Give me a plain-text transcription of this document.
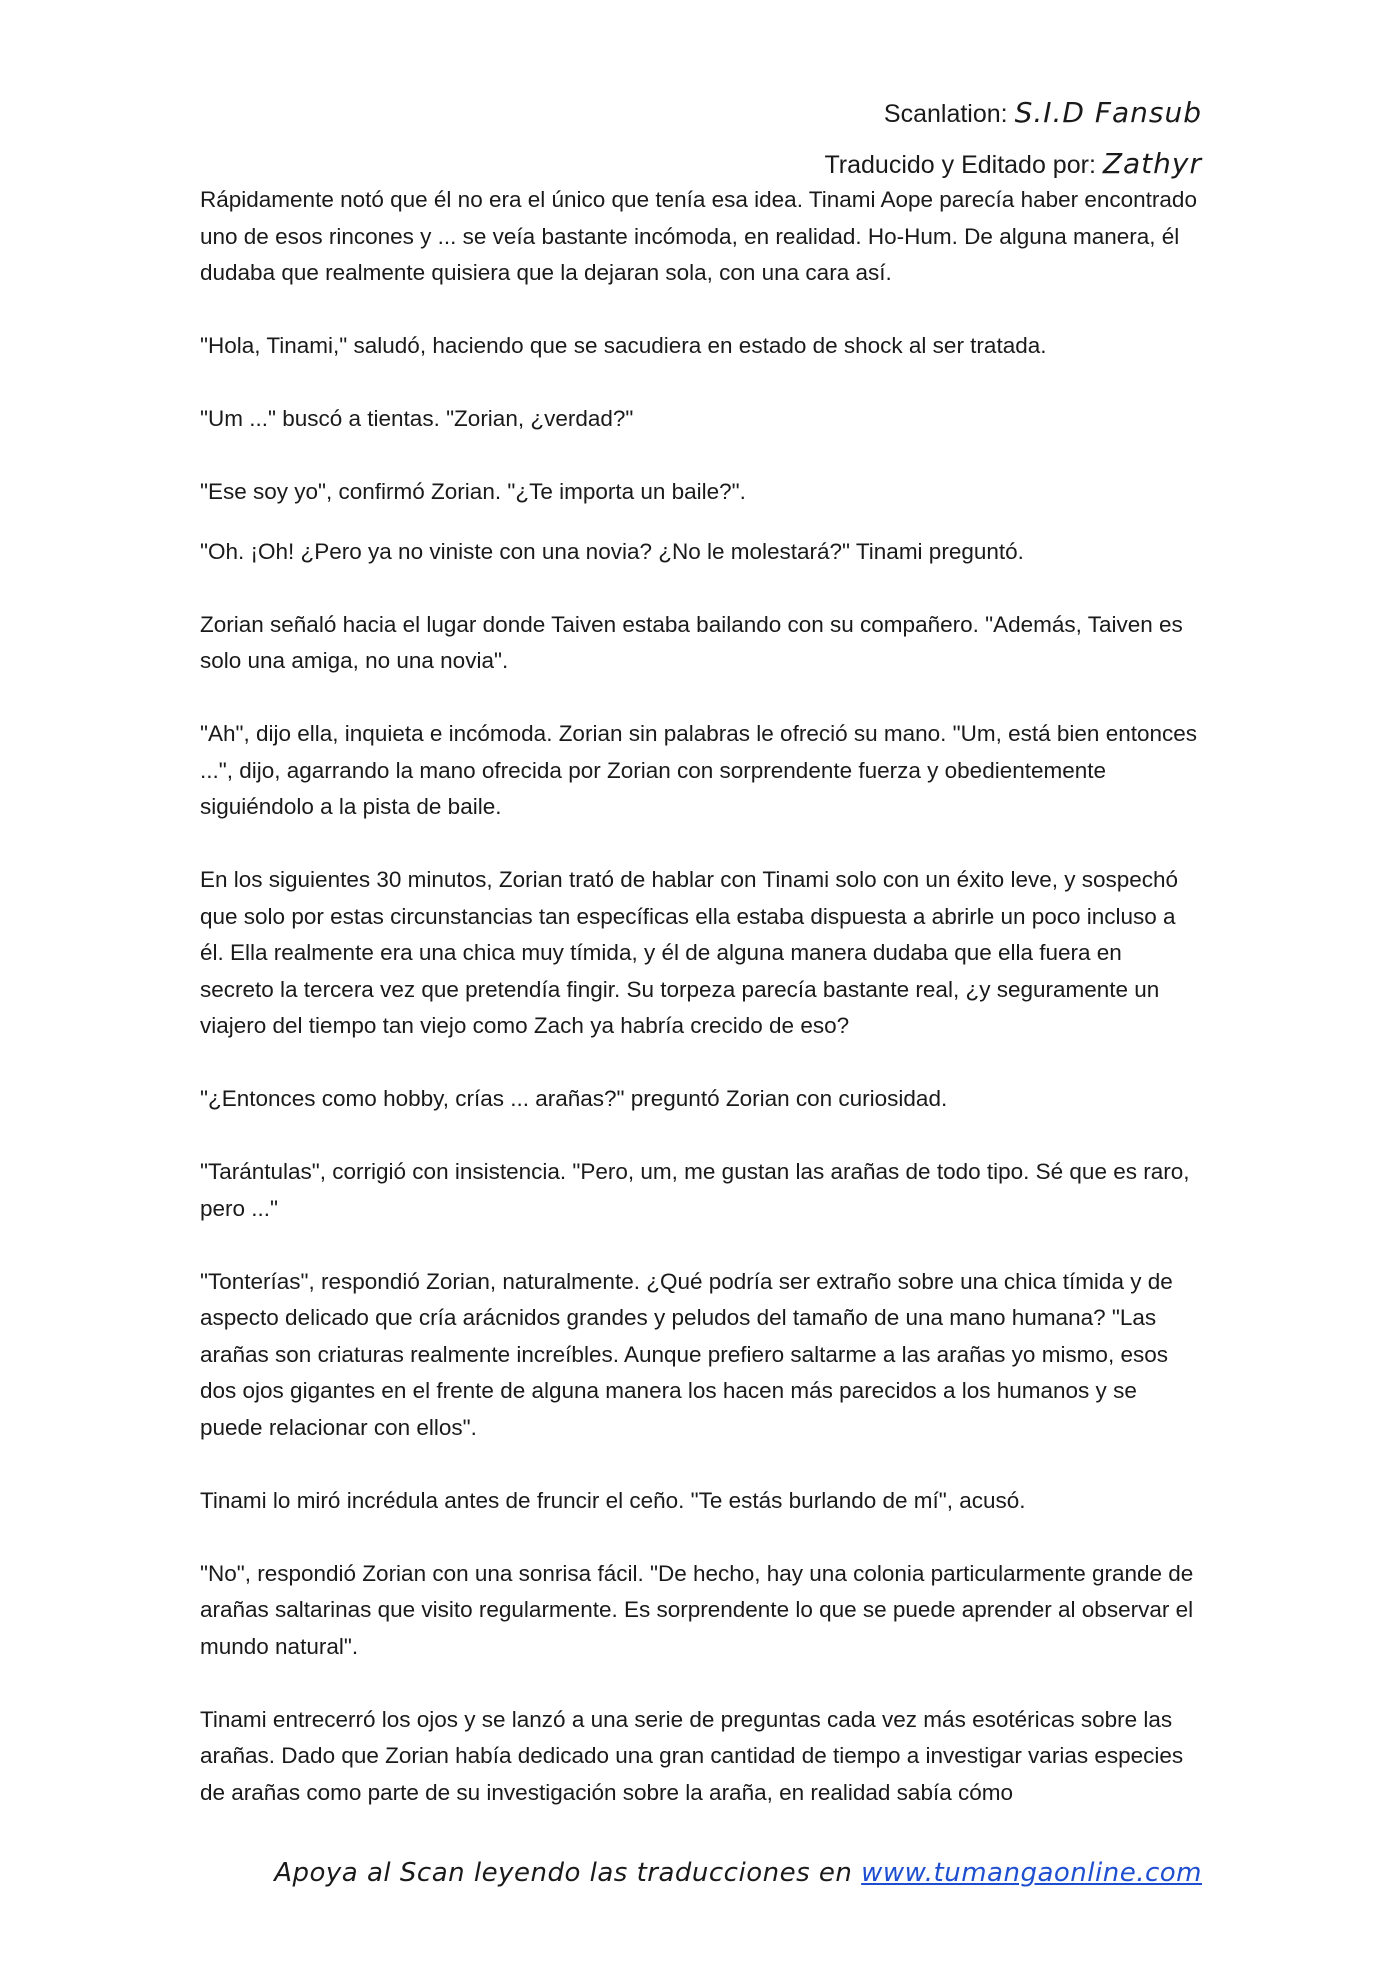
Scanlation: S.I.D Fansub
Traducido y Editado por: Zathyr

Rápidamente notó que él no era el único que tenía esa idea. Tinami Aope parecía haber encontrado uno de esos rincones y ... se veía bastante incómoda, en realidad. Ho-Hum. De alguna manera, él dudaba que realmente quisiera que la dejaran sola, con una cara así.

"Hola, Tinami," saludó, haciendo que se sacudiera en estado de shock al ser tratada.

"Um ..." buscó a tientas. "Zorian, ¿verdad?"

"Ese soy yo", confirmó Zorian. "¿Te importa un baile?".

"Oh. ¡Oh! ¿Pero ya no viniste con una novia? ¿No le molestará?" Tinami preguntó.

Zorian señaló hacia el lugar donde Taiven estaba bailando con su compañero. "Además, Taiven es solo una amiga, no una novia".

"Ah", dijo ella, inquieta e incómoda. Zorian sin palabras le ofreció su mano. "Um, está bien entonces ...", dijo, agarrando la mano ofrecida por Zorian con sorprendente fuerza y obedientemente siguiéndolo a la pista de baile.

En los siguientes 30 minutos, Zorian trató de hablar con Tinami solo con un éxito leve, y sospechó que solo por estas circunstancias tan específicas ella estaba dispuesta a abrirle un poco incluso a él. Ella realmente era una chica muy tímida, y él de alguna manera dudaba que ella fuera en secreto la tercera vez que pretendía fingir. Su torpeza parecía bastante real, ¿y seguramente un viajero del tiempo tan viejo como Zach ya habría crecido de eso?

"¿Entonces como hobby, crías ... arañas?" preguntó Zorian con curiosidad.

"Tarántulas", corrigió con insistencia. "Pero, um, me gustan las arañas de todo tipo. Sé que es raro, pero ..."

"Tonterías", respondió Zorian, naturalmente. ¿Qué podría ser extraño sobre una chica tímida y de aspecto delicado que cría arácnidos grandes y peludos del tamaño de una mano humana? "Las arañas son criaturas realmente increíbles. Aunque prefiero saltarme a las arañas yo mismo, esos dos ojos gigantes en el frente de alguna manera los hacen más parecidos a los humanos y se puede relacionar con ellos".

Tinami lo miró incrédula antes de fruncir el ceño. "Te estás burlando de mí", acusó.

"No", respondió Zorian con una sonrisa fácil. "De hecho, hay una colonia particularmente grande de arañas saltarinas que visito regularmente. Es sorprendente lo que se puede aprender al observar el mundo natural".

Tinami entrecerró los ojos y se lanzó a una serie de preguntas cada vez más esotéricas sobre las arañas. Dado que Zorian había dedicado una gran cantidad de tiempo a investigar varias especies de arañas como parte de su investigación sobre la araña, en realidad sabía cómo

Apoya al Scan leyendo las traducciones en www.tumangaonline.com
